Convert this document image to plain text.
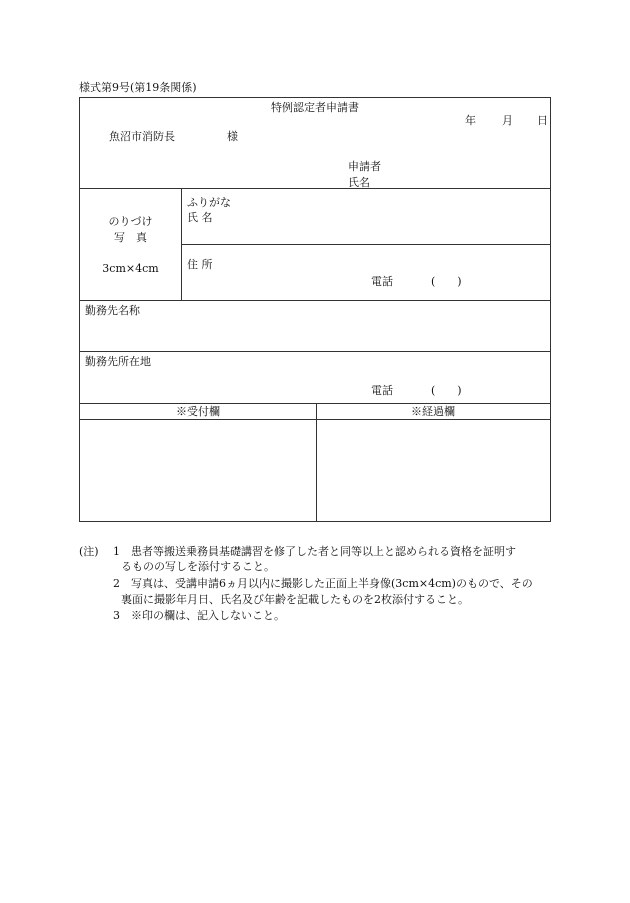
様式第9号(第19条関係)
特例認定者申請書
年 月 日
魚沼市消防長	様
申請者
氏名
のりづけ
写　真
3cm×4cm
ふりがな
氏 名
住 所
電話	(　　)
勤務先名称
勤務先所在地
電話	(　　)
※受付欄	※経過欄
(注) 1 患者等搬送乗務員基礎講習を修了した者と同等以上と認められる資格を証明す
るものの写しを添付すること。
2 写真は、受講申請6ヵ月以内に撮影した正面上半身像(3cm×4cm)のもので、その
裏面に撮影年月日、氏名及び年齢を記載したものを2枚添付すること。
3 ※印の欄は、記入しないこと。
